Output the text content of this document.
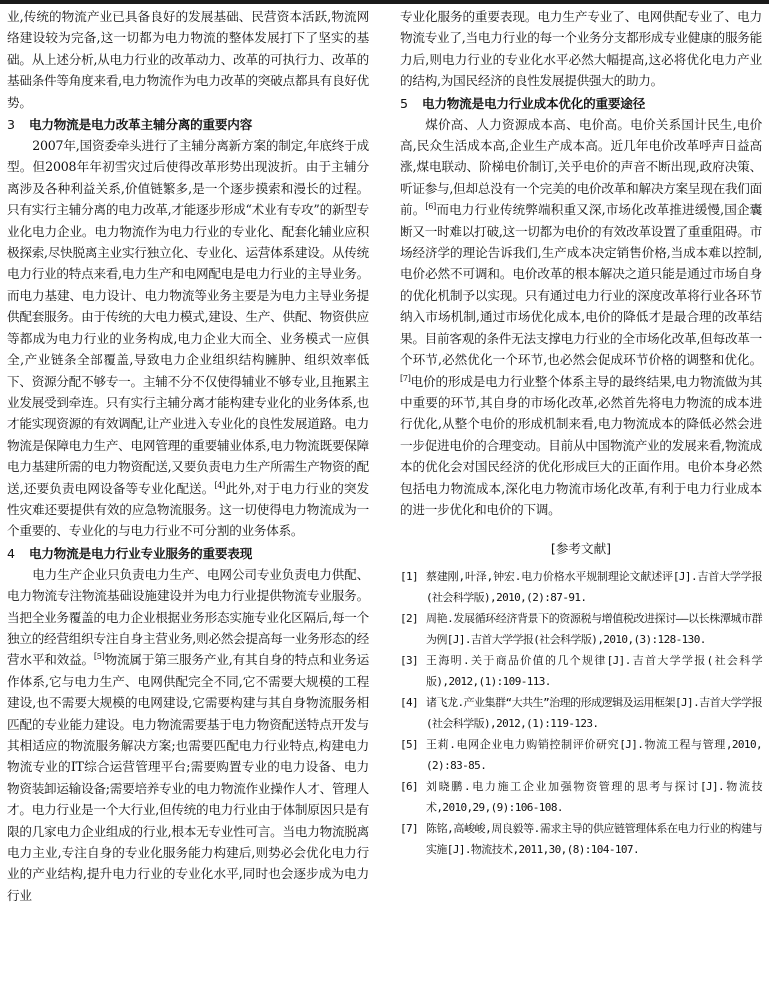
业,传统的物流产业已具备良好的发展基础、民营资本活跃,物流网络建设较为完备,这一切都为电力物流的整体发展打下了坚实的基础。从上述分析,从电力行业的改革动力、改革的可执行力、改革的基础条件等角度来看,电力物流作为电力改革的突破点都具有良好优势。

3 电力物流是电力改革主辅分离的重要内容

2007年,国资委牵头进行了主辅分离新方案的制定,年底终于成型。但2008年年初雪灾过后使得改革形势出现波折。由于主辅分离涉及各种利益关系,价值链繁多,是一个逐步摸索和漫长的过程。只有实行主辅分离的电力改革,才能逐步形成“术业有专攻”的新型专业化电力企业。电力物流作为电力行业的专业化、配套化辅业应积极探索,尽快脱离主业实行独立化、专业化、运营体系建设。从传统电力行业的特点来看,电力生产和电网配电是电力行业的主导业务。而电力基建、电力设计、电力物流等业务主要是为电力主导业务提供配套服务。由于传统的大电力模式,建设、生产、供配、物资供应等都成为电力行业的业务构成,电力企业大而全、业务模式一应俱全,产业链条全部覆盖,导致电力企业组织结构臃肿、组织效率低下、资源分配不够专一。主辅不分不仅使得辅业不够专业,且拖累主业发展受到牵连。只有实行主辅分离才能构建专业化的业务体系,也才能实现资源的有效调配,让产业进入专业化的良性发展道路。电力物流是保障电力生产、电网管理的重要辅业体系,电力物流既要保障电力基建所需的电力物资配送,又要负责电力生产所需生产物资的配送,还要负责电网设备等专业化配送。[4]此外,对于电力行业的突发性灾难还要提供有效的应急物流服务。这一切使得电力物流成为一个重要的、专业化的与电力行业不可分割的业务体系。

4 电力物流是电力行业专业服务的重要表现

电力生产企业只负责电力生产、电网公司专业负责电力供配、电力物流专注物流基础设施建设并为电力行业提供物流专业服务。当把全业务覆盖的电力企业根据业务形态实施专业化区隔后,每一个独立的经营组织专注自身主营业务,则必然会提高每一业务形态的经营水平和效益。[5]物流属于第三服务产业,有其自身的特点和业务运作体系,它与电力生产、电网供配完全不同,它不需要大规模的工程建设,也不需要大规模的电网建设,它需要构建与其自身物流服务相匹配的专业能力建设。电力物流需要基于电力物资配送特点开发与其相适应的物流服务解决方案;也需要匹配电力行业特点,构建电力物流专业的IT综合运营管理平台;需要购置专业的电力设备、电力物资装卸运输设备;需要培养专业的电力物流作业操作人才、管理人才。电力行业是一个大行业,但传统的电力行业由于体制原因只是有限的几家电力企业组成的行业,根本无专业性可言。当电力物流脱离电力主业,专注自身的专业化服务能力构建后,则势必会优化电力行业的产业结构,提升电力行业的专业化水平,同时也会逐步成为电力行业

专业化服务的重要表现。电力生产专业了、电网供配专业了、电力物流专业了,当电力行业的每一个业务分支都形成专业健康的服务能力后,则电力行业的专业化水平必然大幅提高,这必将优化电力产业的结构,为国民经济的良性发展提供强大的助力。

5 电力物流是电力行业成本优化的重要途径

煤价高、人力资源成本高、电价高。电价关系国计民生,电价高,民众生活成本高,企业生产成本高。近几年电价改革呼声日益高涨,煤电联动、阶梯电价制订,关乎电价的声音不断出现,政府决策、听证参与,但却总没有一个完美的电价改革和解决方案呈现在我们面前。[6]而电力行业传统弊端积重又深,市场化改革推进缓慢,国企囊断又一时难以打破,这一切都为电价的有效改革设置了重重阻碍。市场经济学的理论告诉我们,生产成本决定销售价格,当成本难以控制,电价必然不可调和。电价改革的根本解决之道只能是通过市场自身的优化机制予以实现。只有通过电力行业的深度改革将行业各环节纳入市场机制,通过市场优化成本,电价的降低才是最合理的改革结果。目前客观的条件无法支撑电力行业的全市场化改革,但每改革一个环节,必然优化一个环节,也必然会促成环节价格的调整和优化。[7]电价的形成是电力行业整个体系主导的最终结果,电力物流做为其中重要的环节,其自身的市场化改革,必然首先将电力物流的成本进行优化,从整个电价的形成机制来看,电力物流成本的降低必然会进一步促进电价的合理变动。目前从中国物流产业的发展来看,物流成本的优化会对国民经济的优化形成巨大的正面作用。电价本身必然包括电力物流成本,深化电力物流市场化改革,有利于电力行业成本的进一步优化和电价的下调。

[参考文献]
[1] 蔡建刚,叶泽,钟宏.电力价格水平规制理论文献述评[J].吉首大学学报(社会科学版),2010,(2):87-91.
[2] 周艳.发展循环经济背景下的资源税与增值税改进探讨——以长株潭城市群为例[J].吉首大学学报(社会科学版),2010,(3):128-130.
[3] 王海明.关于商品价值的几个规律[J].吉首大学学报(社会科学版),2012,(1):109-113.
[4] 诸飞龙.产业集群“大共生”治理的形成逻辑及运用框架[J].吉首大学学报(社会科学版),2012,(1):119-123.
[5] 王莉.电网企业电力购销控制评价研究[J].物流工程与管理,2010,(2):83-85.
[6] 刘晓鹏.电力施工企业加强物资管理的思考与探讨[J].物流技术,2010,29,(9):106-108.
[7] 陈铭,高峻峻,周良毅等.需求主导的供应链管理体系在电力行业的构建与实施[J].物流技术,2011,30,(8):104-107.
